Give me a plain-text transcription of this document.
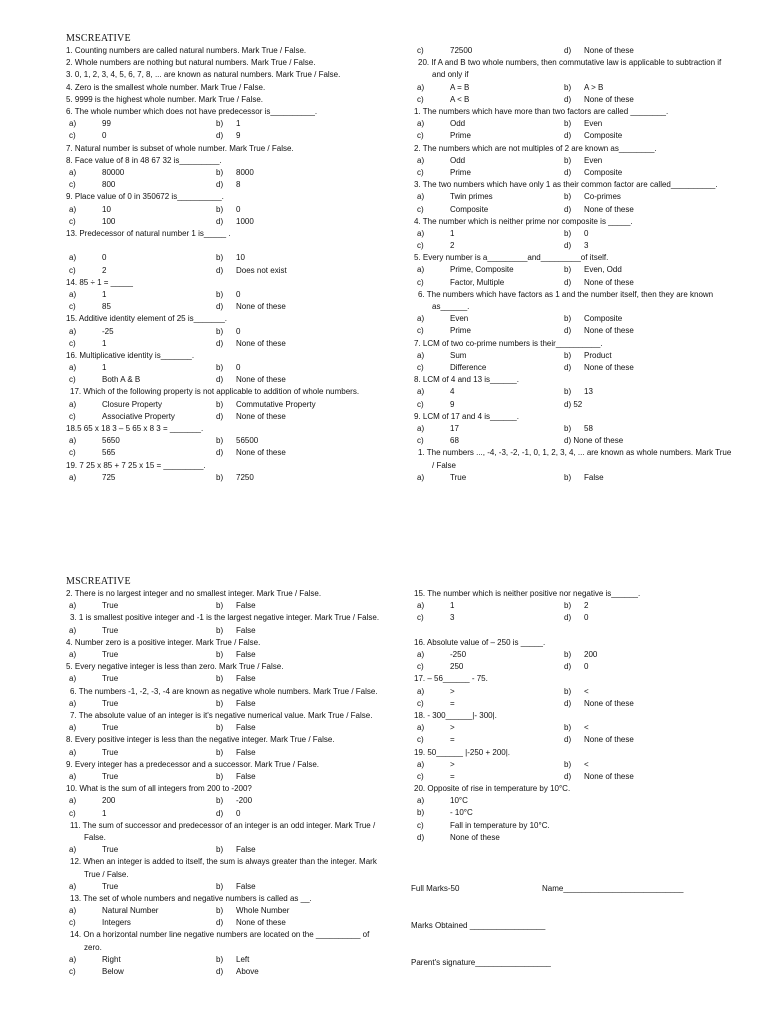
MSCREATIVE
1. Counting numbers are called natural numbers. Mark True / False.
2. Whole numbers are nothing but natural numbers. Mark True / False.
3. 0, 1, 2, 3, 4, 5, 6, 7, 8, ... are known as natural numbers. Mark True / False.
4. Zero is the smallest whole number. Mark True / False.
5. 9999 is the highest whole number. Mark True / False.
6. The whole number which does not have predecessor is__________.
a)	99	b) 1
c)	0	d) 9
7. Natural number is subset of whole number. Mark True / False.
8. Face value of 8 in 48 67 32 is_________.
a)	80000	b) 8000
c)	800	d) 8
9. Place value of 0 in 350672 is__________.
a)	10	b) 0
c)	100	d) 1000
13. Predecessor of natural number 1 is_____ .
a)	0	b) 10
c)	2	d) Does not exist
14. 85 ÷ 1 = _____
a)	1	b) 0
c)	85	d) None of these
15. Additive identity element of 25 is_______.
a)	-25	b) 0
c)	1	d) None of these
16. Multiplicative identity is_______.
a)	1	b) 0
c)	Both A & B	d) None of these
17. Which of the following property is not applicable to addition of whole numbers.
a)	Closure Property	b) Commutative Property
c)	Associative Property	d) None of these
18.5 65 x 18 3 – 5 65 x 8 3 = _______.
a)	5650	b) 56500
c)	565	d) None of these
19. 7 25 x 85 + 7 25 x 15 = _________.
a)	725	b) 7250
c)	72500	d) None of these
20. If A and B two whole numbers, then commutative law is applicable to subtraction if and only if
a)	A = B	b) A > B
c)	A < B	d) None of these
1. The numbers which have more than two factors are called ________.
a)	Odd	b) Even
c)	Prime	d) Composite
2. The numbers which are not multiples of 2 are known as________.
a)	Odd	b) Even
c)	Prime	d) Composite
3. The two numbers which have only 1 as their common factor are called__________.
a)	Twin primes	b) Co-primes
c)	Composite	d) None of these
4. The number which is neither prime nor composite is _____.
a)	1	b) 0
c)	2	d) 3
5. Every number is a_________and_________of itself.
a)	Prime, Composite	b) Even, Odd
c)	Factor, Multiple	d) None of these
6. The numbers which have factors as 1 and the number itself, then they are known as______.
a)	Even	b) Composite
c)	Prime	d) None of these
7. LCM of two co-prime numbers is their__________.
a)	Sum	b) Product
c)	Difference	d) None of these
8. LCM of 4 and 13 is______.
a)	4	b) 13
c)	9	d) 52
9. LCM of 17 and 4 is______.
a)	17	b) 58
c)	68	d) None of these
1. The numbers ..., -4, -3, -2, -1, 0, 1, 2, 3, 4, ... are known as whole numbers. Mark True / False
a)	True	b) False
MSCREATIVE
2. There is no largest integer and no smallest integer. Mark True / False.
a)	True	b) False
3. 1 is smallest positive integer and -1 is the largest negative integer. Mark True / False.
a)	True	b) False
4. Number zero is a positive integer. Mark True / False.
a)	True	b) False
5. Every negative integer is less than zero. Mark True / False.
a)	True	b) False
6. The numbers -1, -2, -3, -4 are known as negative whole numbers. Mark True / False.
a)	True	b) False
7. The absolute value of an integer is it's negative numerical value. Mark True / False.
a)	True	b) False
8. Every positive integer is less than the negative integer. Mark True / False.
a)	True	b) False
9. Every integer has a predecessor and a successor. Mark True / False.
a)	True	b) False
10. What is the sum of all integers from 200 to -200?
a)	200	b) -200
c)	1	d) 0
11. The sum of successor and predecessor of an integer is an odd integer. Mark True / False.
a)	True	b) False
12. When an integer is added to itself, the sum is always greater than the integer. Mark True / False.
a)	True	b) False
13. The set of whole numbers and negative numbers is called as __.
a)	Natural Number	b) Whole Number
c)	Integers	d) None of these
14. On a horizontal number line negative numbers are located on the __________ of zero.
a)	Right	b) Left
c)	Below	d) Above
15. The number which is neither positive nor negative is______.
a)	1	b) 2
c)	3	d) 0
16. Absolute value of – 250 is _____.
a)	-250	b) 200
c)	250	d) 0
17. – 56______ - 75.
a)	>	b) <
c)	=	d) None of these
18. - 300______|- 300|.
a)	>	b) <
c)	=	d) None of these
19. 50______ |-250 + 200|.
a)	>	b) <
c)	=	d) None of these
20. Opposite of rise in temperature by 10°C.
a)	10°C
b)	- 10°C
c)	Fall in temperature by 10°C.
d)	None of these
Full Marks-50	Name___________________________
Marks Obtained _________________
Parent's signature_________________
